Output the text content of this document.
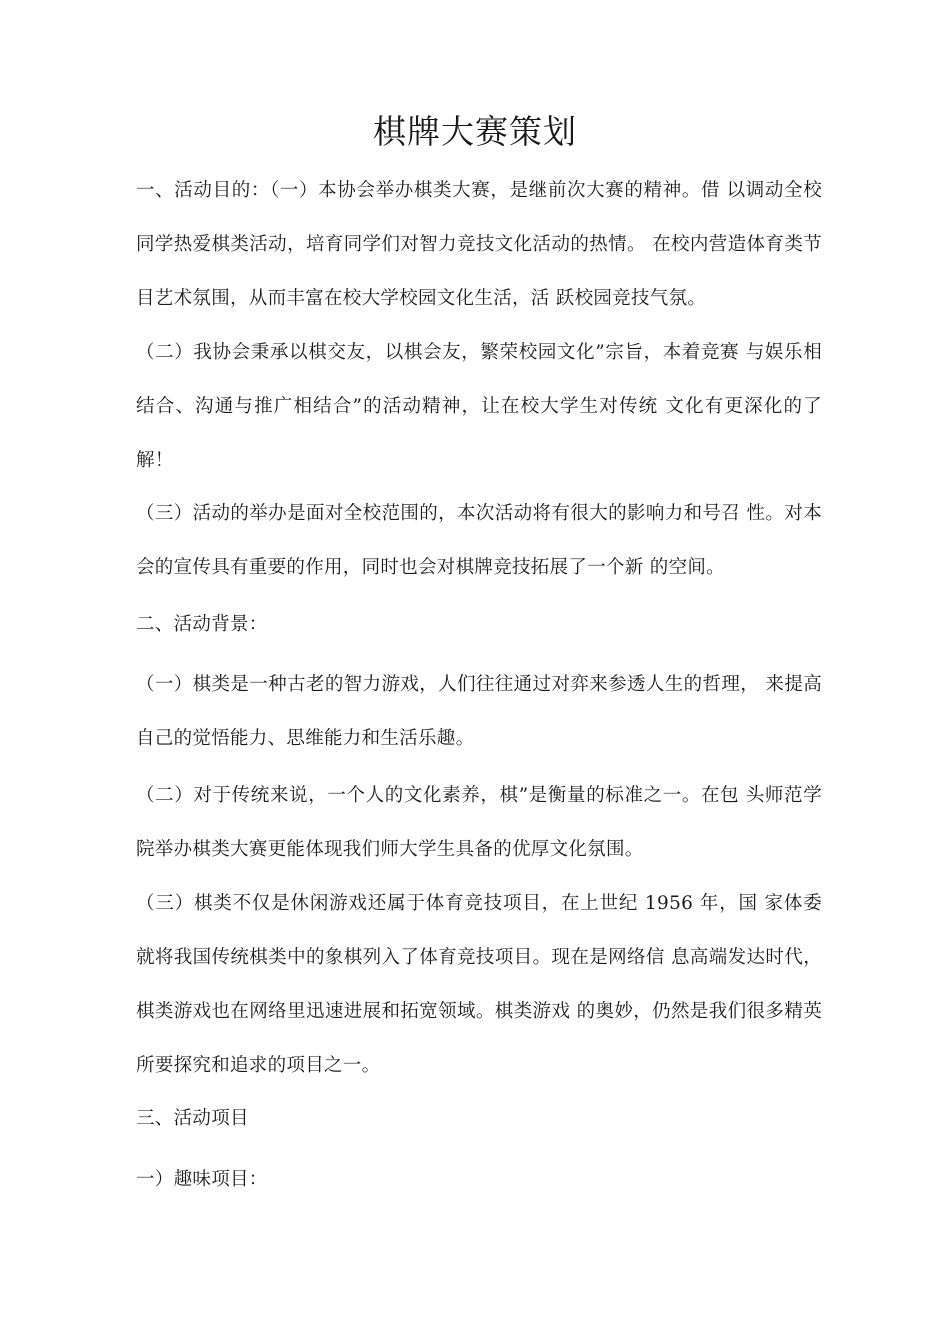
棋牌大赛策划

一、活动目的：（一）本协会举办棋类大赛，是继前次大赛的精神。借 以调动全校同学热爱棋类活动，培育同学们对智力竞技文化活动的热情。 在校内营造体育类节目艺术氛围，从而丰富在校大学校园文化生活，活 跃校园竞技气氛。

（二）我协会秉承以棋交友，以棋会友，繁荣校园文化”宗旨，本着竞赛 与娱乐相结合、沟通与推广相结合”的活动精神，让在校大学生对传统 文化有更深化的了解！

（三）活动的举办是面对全校范围的，本次活动将有很大的影响力和号召 性。对本会的宣传具有重要的作用，同时也会对棋牌竞技拓展了一个新 的空间。

二、活动背景：

（一）棋类是一种古老的智力游戏，人们往往通过对弈来参透人生的哲理， 来提高自己的觉悟能力、思维能力和生活乐趣。

（二）对于传统来说，一个人的文化素养，棋”是衡量的标准之一。在包 头师范学院举办棋类大赛更能体现我们师大学生具备的优厚文化氛围。

（三）棋类不仅是休闲游戏还属于体育竞技项目，在上世纪 1956 年，国 家体委就将我国传统棋类中的象棋列入了体育竞技项目。现在是网络信 息高端发达时代，棋类游戏也在网络里迅速进展和拓宽领域。棋类游戏 的奥妙，仍然是我们很多精英所要探究和追求的项目之一。

三、活动项目

一）趣味项目：
